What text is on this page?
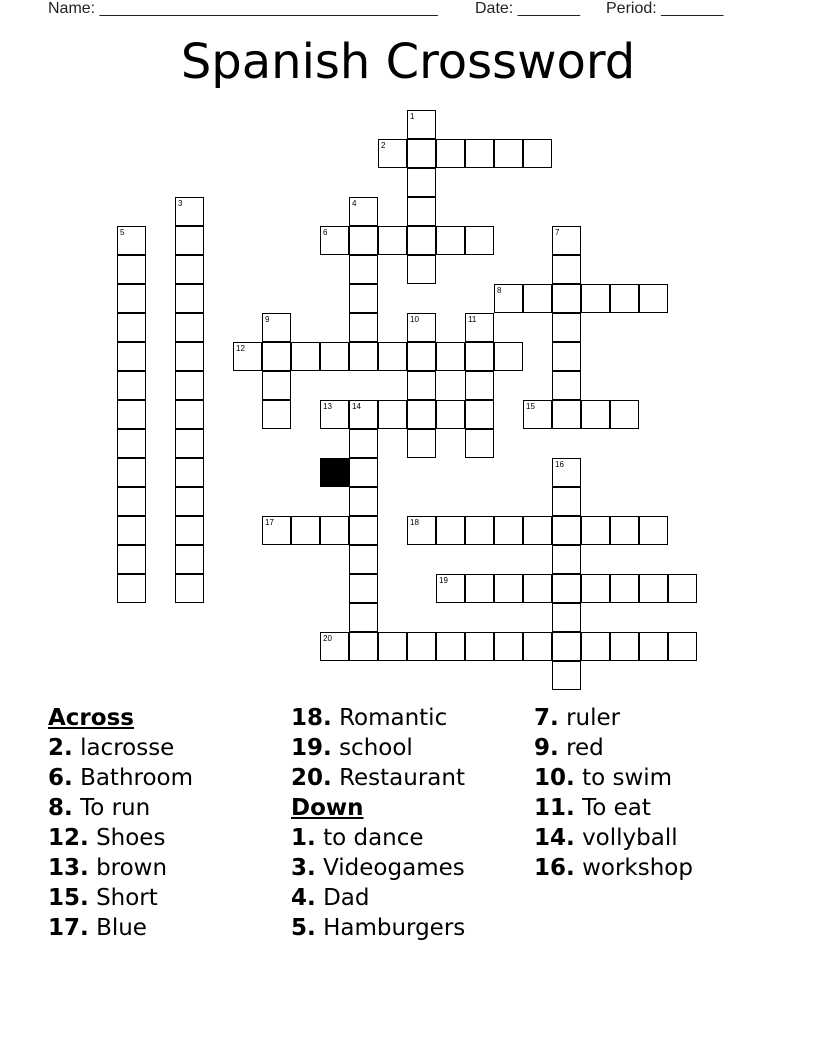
Name: ______________________________________

Date: _______

Period: _______

Spanish Crossword
1
2
3	4
5	6	7
8
9	10	11
12
13	14	15
16
17	18
19
20
Across
2. lacrosse
6. Bathroom
8. To run
12. Shoes
13. brown
15. Short
17. Blue
18. Romantic
19. school
20. Restaurant
Down
1. to dance
3. Videogames
4. Dad
5. Hamburgers
7. ruler
9. red
10. to swim
11. To eat
14. vollyball
16. workshop
